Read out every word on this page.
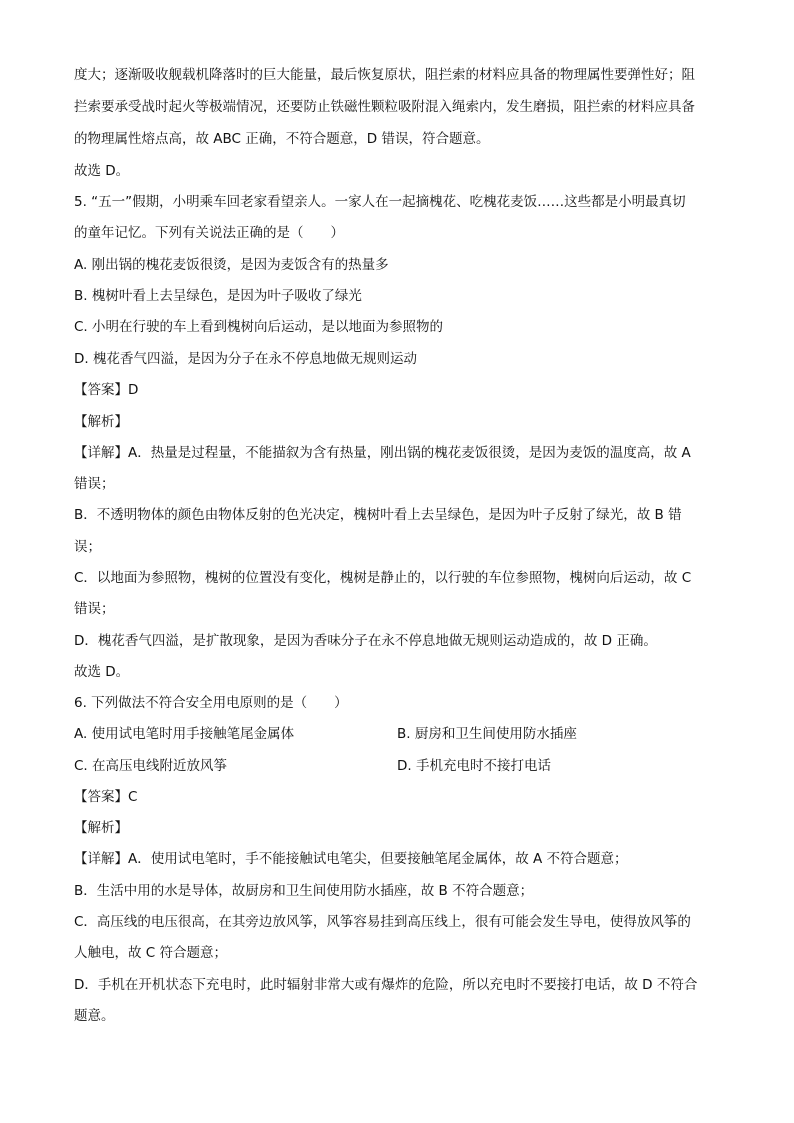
度大；逐渐吸收舰载机降落时的巨大能量，最后恢复原状，阻拦索的材料应具备的物理属性要弹性好；阻
拦索要承受战时起火等极端情况，还要防止铁磁性颗粒吸附混入绳索内，发生磨损，阻拦索的材料应具备
的物理属性熔点高，故 ABC 正确，不符合题意，D 错误，符合题意。
故选 D。
5. “五一”假期，小明乘车回老家看望亲人。一家人在一起摘槐花、吃槐花麦饭……这些都是小明最真切
的童年记忆。下列有关说法正确的是（　　）
A. 刚出锅的槐花麦饭很烫，是因为麦饭含有的热量多
B. 槐树叶看上去呈绿色，是因为叶子吸收了绿光
C. 小明在行驶的车上看到槐树向后运动，是以地面为参照物的
D. 槐花香气四溢，是因为分子在永不停息地做无规则运动
【答案】D
【解析】
【详解】A．热量是过程量，不能描叙为含有热量，刚出锅的槐花麦饭很烫，是因为麦饭的温度高，故 A
错误；
B．不透明物体的颜色由物体反射的色光决定，槐树叶看上去呈绿色，是因为叶子反射了绿光，故 B 错
误；
C．以地面为参照物，槐树的位置没有变化，槐树是静止的，以行驶的车位参照物，槐树向后运动，故 C
错误；
D．槐花香气四溢，是扩散现象，是因为香味分子在永不停息地做无规则运动造成的，故 D 正确。
故选 D。
6. 下列做法不符合安全用电原则的是（　　）
A. 使用试电笔时用手接触笔尾金属体	B. 厨房和卫生间使用防水插座
C. 在高压电线附近放风筝	D. 手机充电时不接打电话
【答案】C
【解析】
【详解】A．使用试电笔时，手不能接触试电笔尖，但要接触笔尾金属体，故 A 不符合题意；
B．生活中用的水是导体，故厨房和卫生间使用防水插座，故 B 不符合题意；
C．高压线的电压很高，在其旁边放风筝，风筝容易挂到高压线上，很有可能会发生导电，使得放风筝的
人触电，故 C 符合题意；
D．手机在开机状态下充电时，此时辐射非常大或有爆炸的危险，所以充电时不要接打电话，故 D 不符合
题意。
